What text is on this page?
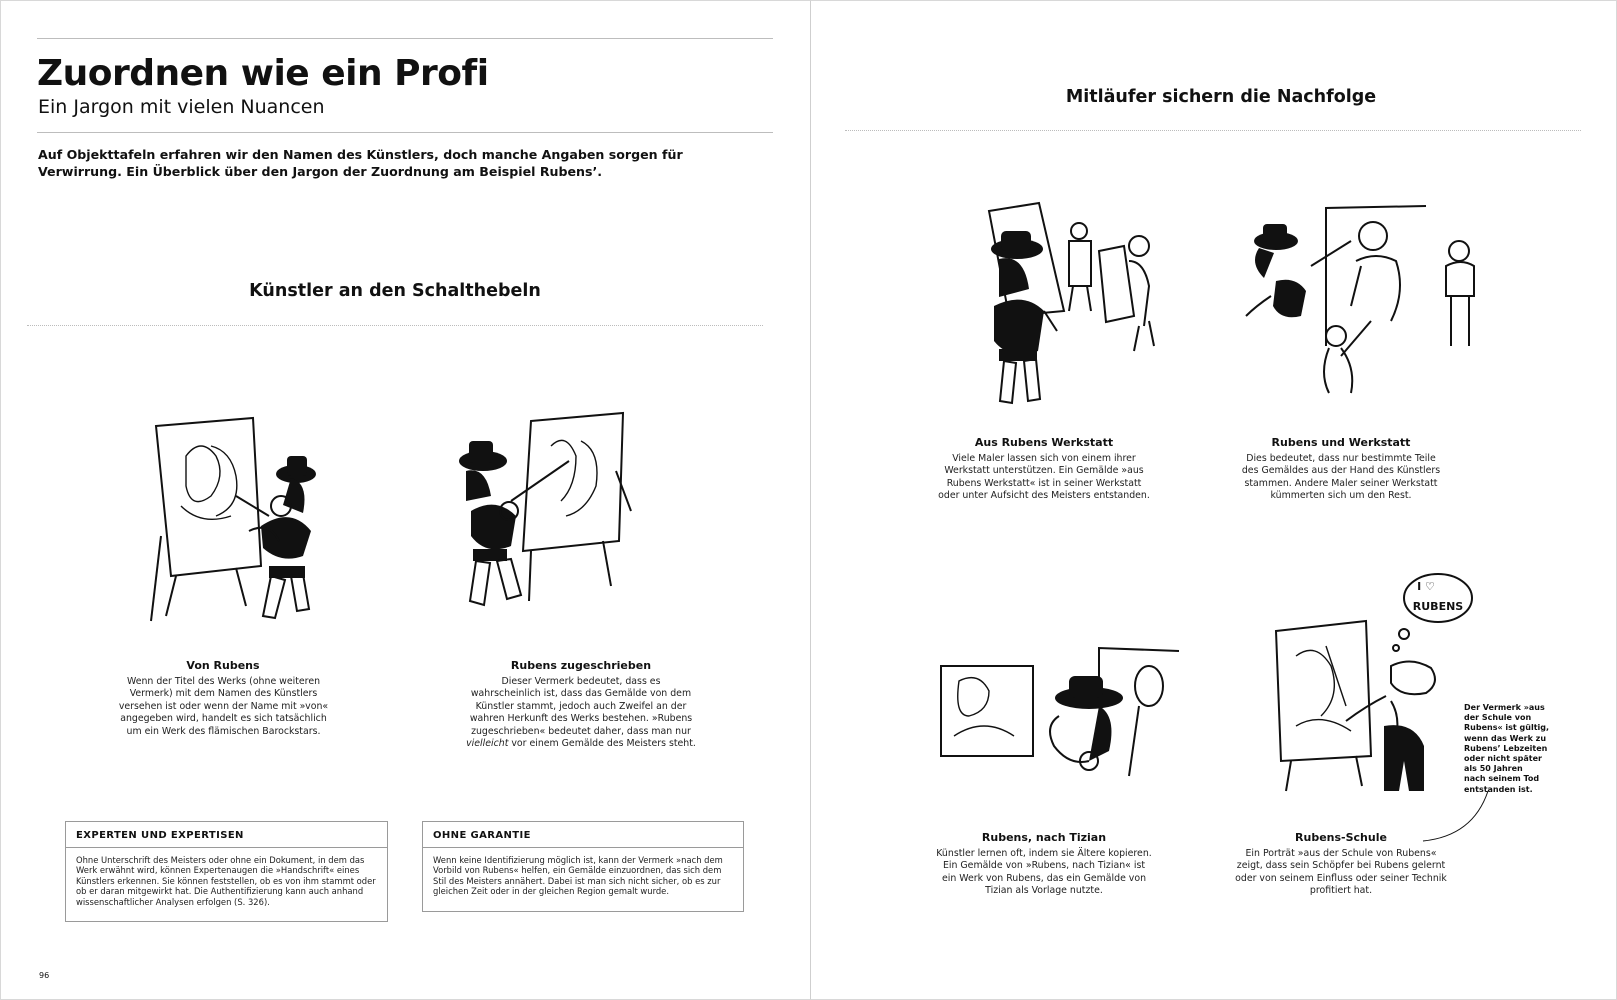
Zuordnen wie ein Profi
Ein Jargon mit vielen Nuancen
Auf Objekttafeln erfahren wir den Namen des Künstlers, doch manche Angaben sorgen für Verwirrung. Ein Überblick über den Jargon der Zuordnung am Beispiel Rubens’.
Künstler an den Schalthebeln
Von Rubens
Wenn der Titel des Werks (ohne weiteren
Vermerk) mit dem Namen des Künstlers
versehen ist oder wenn der Name mit »von«
angegeben wird, handelt es sich tatsächlich
um ein Werk des flämischen Barockstars.
Rubens zugeschrieben
Dieser Vermerk bedeutet, dass es
wahrscheinlich ist, dass das Gemälde von dem
Künstler stammt, jedoch auch Zweifel an der
wahren Herkunft des Werks bestehen. »Rubens
zugeschrieben« bedeutet daher, dass man nur
vielleicht vor einem Gemälde des Meisters steht.
EXPERTEN UND EXPERTISEN
Ohne Unterschrift des Meisters oder ohne ein Dokument, in dem das Werk erwähnt wird, können Expertenaugen die »Handschrift« eines Künstlers erkennen. Sie können feststellen, ob es von ihm stammt oder ob er daran mitgewirkt hat. Die Authentifizierung kann auch anhand wissenschaftlicher Analysen erfolgen (S. 326).
OHNE GARANTIE
Wenn keine Identifizierung möglich ist, kann der Vermerk »nach dem Vorbild von Rubens« helfen, ein Gemälde einzuordnen, das sich dem Stil des Meisters annähert. Dabei ist man sich nicht sicher, ob es zur gleichen Zeit oder in der gleichen Region gemalt wurde.
96
Mitläufer sichern die Nachfolge
I ♡
RUBENS
Aus Rubens Werkstatt
Viele Maler lassen sich von einem ihrer
Werkstatt unterstützen. Ein Gemälde »aus
Rubens Werkstatt« ist in seiner Werkstatt
oder unter Aufsicht des Meisters entstanden.
Rubens und Werkstatt
Dies bedeutet, dass nur bestimmte Teile
des Gemäldes aus der Hand des Künstlers
stammen. Andere Maler seiner Werkstatt
kümmerten sich um den Rest.
Rubens, nach Tizian
Künstler lernen oft, indem sie Ältere kopieren.
Ein Gemälde von »Rubens, nach Tizian« ist
ein Werk von Rubens, das ein Gemälde von
Tizian als Vorlage nutzte.
Rubens-Schule
Ein Porträt »aus der Schule von Rubens«
zeigt, dass sein Schöpfer bei Rubens gelernt
oder von seinem Einfluss oder seiner Technik
profitiert hat.
Der Vermerk »aus
der Schule von
Rubens« ist gültig,
wenn das Werk zu
Rubens’ Lebzeiten
oder nicht später
als 50 Jahren
nach seinem Tod
entstanden ist.
